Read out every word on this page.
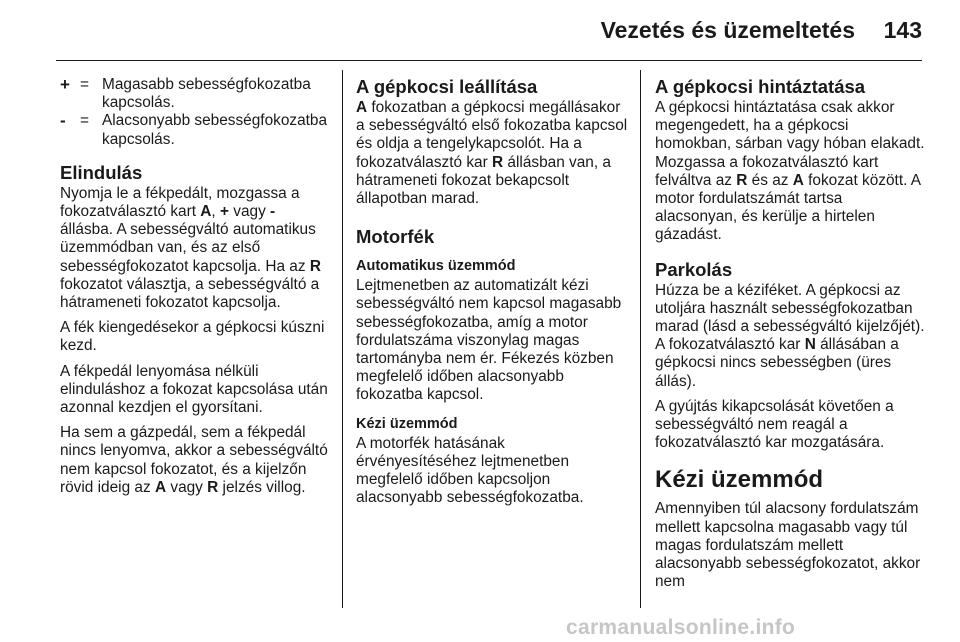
Vezetés és üzemeltetés 143
+ = Magasabb sebességfokozatba kapcsolás.
- = Alacsonyabb sebességfokozatba kapcsolás.
Elindulás

Nyomja le a fékpedált, mozgassa a fokozatválasztó kart A, + vagy - állásba. A sebességváltó automatikus üzemmódban van, és az első sebességfokozatot kapcsolja. Ha az R fokozatot választja, a sebességváltó a hátrameneti fokozatot kapcsolja.

A fék kiengedésekor a gépkocsi kúszni kezd.

A fékpedál lenyomása nélküli elinduláshoz a fokozat kapcsolása után azonnal kezdjen el gyorsítani.

Ha sem a gázpedál, sem a fékpedál nincs lenyomva, akkor a sebességváltó nem kapcsol fokozatot, és a kijelzőn rövid ideig az A vagy R jelzés villog.

A gépkocsi leállítása

A fokozatban a gépkocsi megállásakor a sebességváltó első fokozatba kapcsol és oldja a tengelykapcsolót. Ha a fokozatválasztó kar R állásban van, a hátrameneti fokozat bekapcsolt állapotban marad.

Motorfék
Automatikus üzemmód

Lejtmenetben az automatizált kézi sebességváltó nem kapcsol magasabb sebességfokozatba, amíg a motor fordulatszáma viszonylag magas tartományba nem ér. Fékezés közben megfelelő időben alacsonyabb fokozatba kapcsol.

Kézi üzemmód

A motorfék hatásának érvényesítéséhez lejtmenetben megfelelő időben kapcsoljon alacsonyabb sebességfokozatba.

A gépkocsi hintáztatása

A gépkocsi hintáztatása csak akkor megengedett, ha a gépkocsi homokban, sárban vagy hóban elakadt. Mozgassa a fokozatválasztó kart felváltva az R és az A fokozat között. A motor fordulatszámát tartsa alacsonyan, és kerülje a hirtelen gázadást.

Parkolás

Húzza be a kéziféket. A gépkocsi az utoljára használt sebességfokozatban marad (lásd a sebességváltó kijelzőjét). A fokozatválasztó kar N állásában a gépkocsi nincs sebességben (üres állás).

A gyújtás kikapcsolását követően a sebességváltó nem reagál a fokozatválasztó kar mozgatására.

Kézi üzemmód

Amennyiben túl alacsony fordulatszám mellett kapcsolna magasabb vagy túl magas fordulatszám mellett alacsonyabb sebességfokozatot, akkor nem

carmanualsonline.info
